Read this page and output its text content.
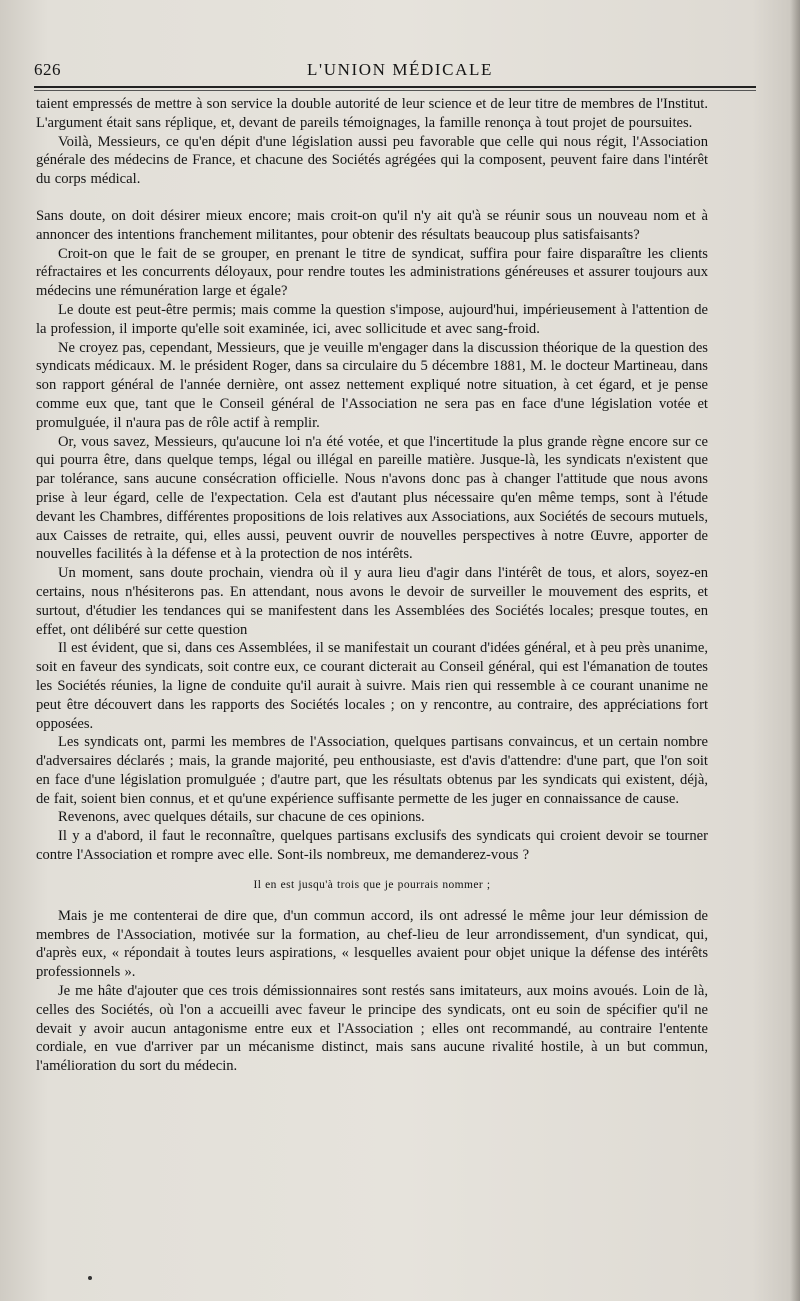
626	L'UNION MÉDICALE

taient empressés de mettre à son service la double autorité de leur science et de leur titre de membres de l'Institut. L'argument était sans réplique, et, devant de pareils témoignages, la famille renonça à tout projet de poursuites.

Voilà, Messieurs, ce qu'en dépit d'une législation aussi peu favorable que celle qui nous régit, l'Association générale des médecins de France, et chacune des Sociétés agrégées qui la composent, peuvent faire dans l'intérêt du corps médical.

Sans doute, on doit désirer mieux encore; mais croit-on qu'il n'y ait qu'à se réunir sous un nouveau nom et à annoncer des intentions franchement militantes, pour obtenir des résultats beaucoup plus satisfaisants?

Croit-on que le fait de se grouper, en prenant le titre de syndicat, suffira pour faire disparaître les clients réfractaires et les concurrents déloyaux, pour rendre toutes les administrations généreuses et assurer toujours aux médecins une rémunération large et égale?

Le doute est peut-être permis; mais comme la question s'impose, aujourd'hui, impérieusement à l'attention de la profession, il importe qu'elle soit examinée, ici, avec sollicitude et avec sang-froid.

Ne croyez pas, cependant, Messieurs, que je veuille m'engager dans la discussion théorique de la question des syndicats médicaux. M. le président Roger, dans sa circulaire du 5 décembre 1881, M. le docteur Martineau, dans son rapport général de l'année dernière, ont assez nettement expliqué notre situation, à cet égard, et je pense comme eux que, tant que le Conseil général de l'Association ne sera pas en face d'une législation votée et promulguée, il n'aura pas de rôle actif à remplir.

Or, vous savez, Messieurs, qu'aucune loi n'a été votée, et que l'incertitude la plus grande règne encore sur ce qui pourra être, dans quelque temps, légal ou illégal en pareille matière. Jusque-là, les syndicats n'existent que par tolérance, sans aucune consécration officielle. Nous n'avons donc pas à changer l'attitude que nous avons prise à leur égard, celle de l'expectation. Cela est d'autant plus nécessaire qu'en même temps, sont à l'étude devant les Chambres, différentes propositions de lois relatives aux Associations, aux Sociétés de secours mutuels, aux Caisses de retraite, qui, elles aussi, peuvent ouvrir de nouvelles perspectives à notre Œuvre, apporter de nouvelles facilités à la défense et à la protection de nos intérêts.

Un moment, sans doute prochain, viendra où il y aura lieu d'agir dans l'intérêt de tous, et alors, soyez-en certains, nous n'hésiterons pas. En attendant, nous avons le devoir de surveiller le mouvement des esprits, et surtout, d'étudier les tendances qui se manifestent dans les Assemblées des Sociétés locales; presque toutes, en effet, ont délibéré sur cette question

Il est évident, que si, dans ces Assemblées, il se manifestait un courant d'idées général, et à peu près unanime, soit en faveur des syndicats, soit contre eux, ce courant dicterait au Conseil général, qui est l'émanation de toutes les Sociétés réunies, la ligne de conduite qu'il aurait à suivre. Mais rien qui ressemble à ce courant unanime ne peut être découvert dans les rapports des Sociétés locales ; on y rencontre, au contraire, des appréciations fort opposées.

Les syndicats ont, parmi les membres de l'Association, quelques partisans convaincus, et un certain nombre d'adversaires déclarés ; mais, la grande majorité, peu enthousiaste, est d'avis d'attendre: d'une part, que l'on soit en face d'une législation promulguée ; d'autre part, que les résultats obtenus par les syndicats qui existent, déjà, de fait, soient bien connus, et et qu'une expérience suffisante permette de les juger en connaissance de cause.

Revenons, avec quelques détails, sur chacune de ces opinions.

Il y a d'abord, il faut le reconnaître, quelques partisans exclusifs des syndicats qui croient devoir se tourner contre l'Association et rompre avec elle. Sont-ils nombreux, me demanderez-vous ?

Il en est jusqu'à trois que je pourrais nommer ;

Mais je me contenterai de dire que, d'un commun accord, ils ont adressé le même jour leur démission de membres de l'Association, motivée sur la formation, au chef-lieu de leur arrondissement, d'un syndicat, qui, d'après eux, « répondait à toutes leurs aspirations, « lesquelles avaient pour objet unique la défense des intérêts professionnels ».

Je me hâte d'ajouter que ces trois démissionnaires sont restés sans imitateurs, aux moins avoués. Loin de là, celles des Sociétés, où l'on a accueilli avec faveur le principe des syndicats, ont eu soin de spécifier qu'il ne devait y avoir aucun antagonisme entre eux et l'Association ; elles ont recommandé, au contraire l'entente cordiale, en vue d'arriver par un mécanisme distinct, mais sans aucune rivalité hostile, à un but commun, l'amélioration du sort du médecin.
